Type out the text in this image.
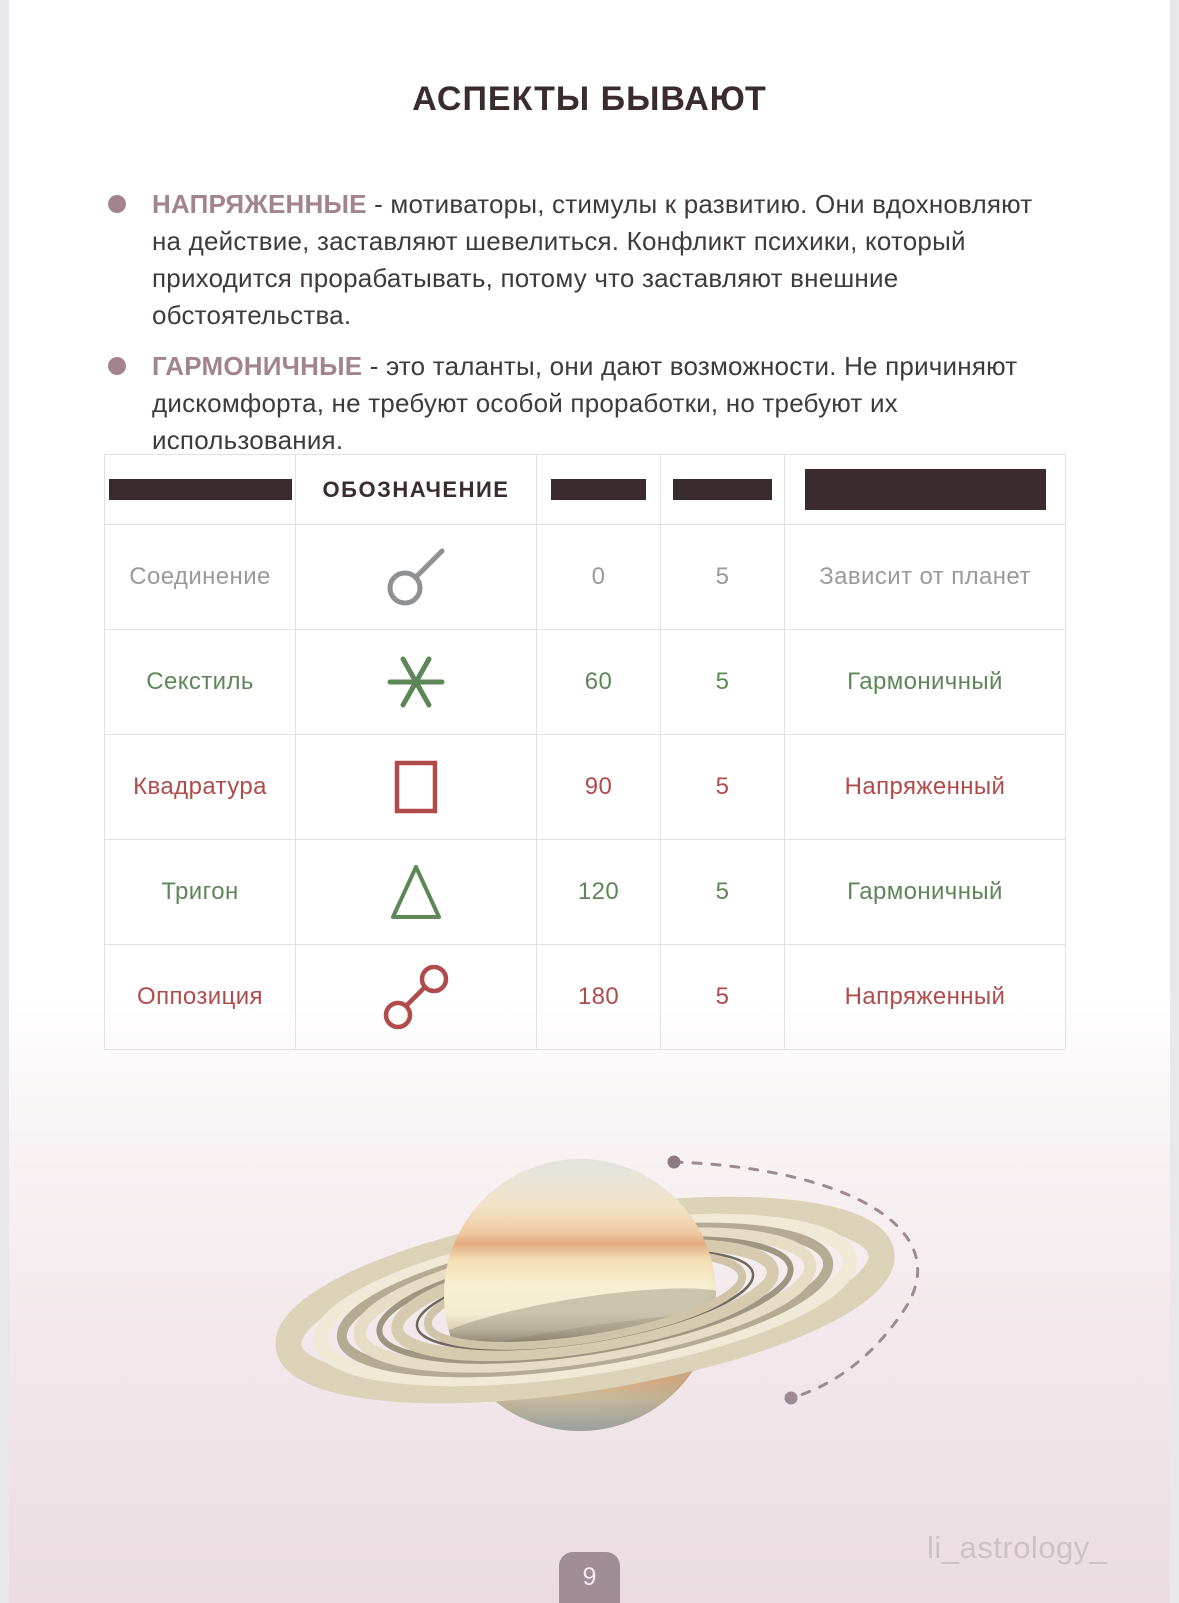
АСПЕКТЫ БЫВАЮТ
НАПРЯЖЕННЫЕ - мотиваторы, стимулы к развитию. Они вдохновляют на действие, заставляют шевелиться. Конфликт психики, который приходится прорабатывать, потому что заставляют внешние обстоятельства.
ГАРМОНИЧНЫЕ - это таланты, они дают возможности. Не причиняют дискомфорта, не требуют особой проработки, но требуют их использования.
	ОБОЗНАЧЕНИЕ	

Соединение		0	5	Зависит от планет
Секстиль		60	5	Гармоничный
Квадратура		90	5	Напряженный
Тригон		120	5	Гармоничный
Оппозиция		180	5	Напряженный
9
li_astrology_
